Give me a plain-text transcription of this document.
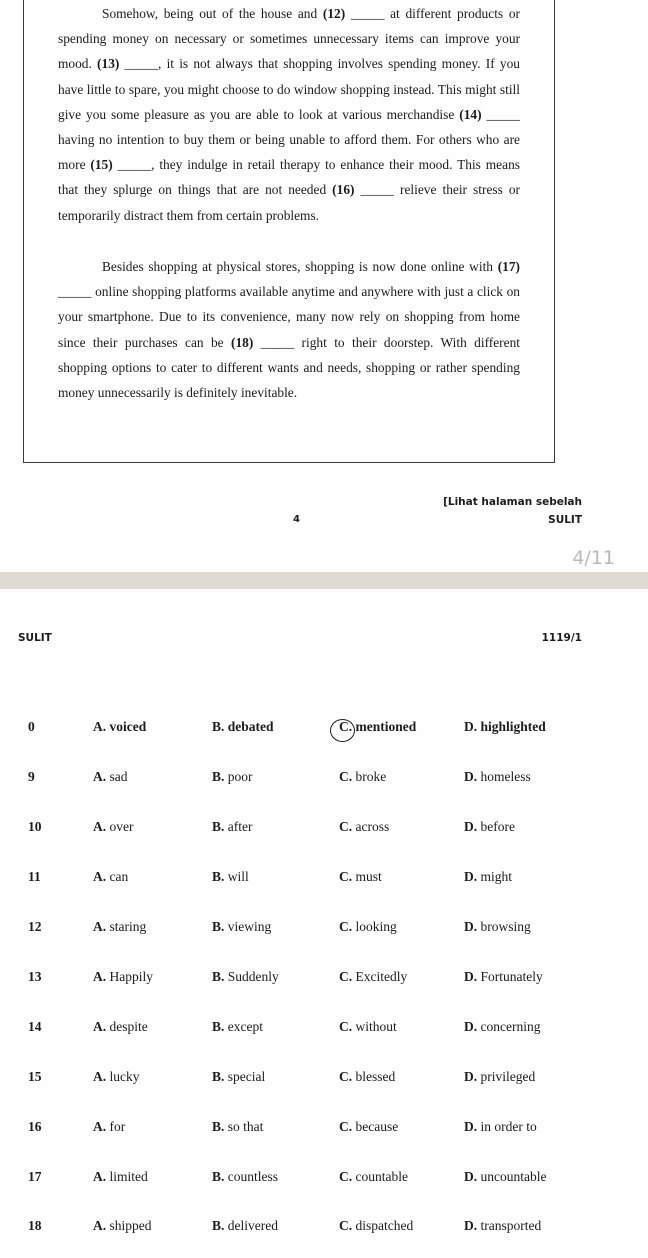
Somehow, being out of the house and (12) _____ at different products or spending money on necessary or sometimes unnecessary items can improve your mood. (13) _____, it is not always that shopping involves spending money. If you have little to spare, you might choose to do window shopping instead. This might still give you some pleasure as you are able to look at various merchandise (14) _____ having no intention to buy them or being unable to afford them. For others who are more (15) _____, they indulge in retail therapy to enhance their mood. This means that they splurge on things that are not needed (16) _____ relieve their stress or temporarily distract them from certain problems.
Besides shopping at physical stores, shopping is now done online with (17) _____ online shopping platforms available anytime and anywhere with just a click on your smartphone. Due to its convenience, many now rely on shopping from home since their purchases can be (18) _____ right to their doorstep. With different shopping options to cater to different wants and needs, shopping or rather spending money unnecessarily is definitely inevitable.
[Lihat halaman sebelah
4	SULIT
4/11
SULIT	1119/1
0	A. voiced	B. debated	C. mentioned	D. highlighted
9	A. sad	B. poor	C. broke	D. homeless
10	A. over	B. after	C. across	D. before
11	A. can	B. will	C. must	D. might
12	A. staring	B. viewing	C. looking	D. browsing
13	A. Happily	B. Suddenly	C. Excitedly	D. Fortunately
14	A. despite	B. except	C. without	D. concerning
15	A. lucky	B. special	C. blessed	D. privileged
16	A. for	B. so that	C. because	D. in order to
17	A. limited	B. countless	C. countable	D. uncountable
18	A. shipped	B. delivered	C. dispatched	D. transported
